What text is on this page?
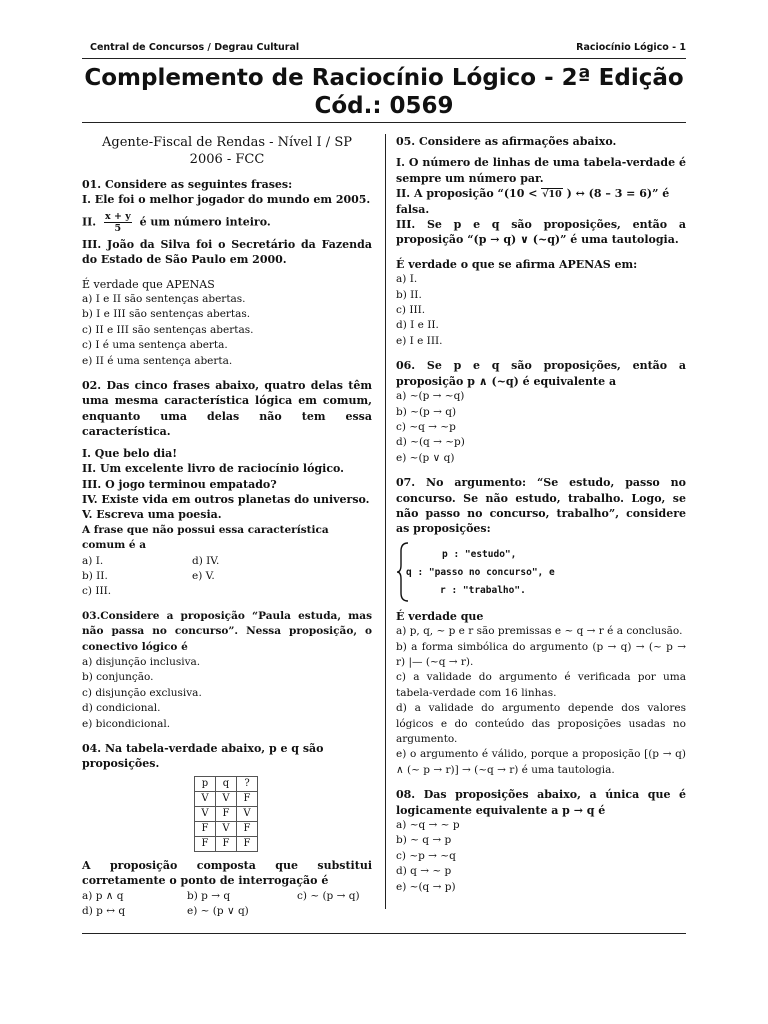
Central de Concursos / Degrau Cultural	Raciocínio Lógico - 1
Complemento de Raciocínio Lógico - 2ª Edição
Cód.: 0569
Agente-Fiscal de Rendas - Nível I / SP
2006 - FCC

01. Considere as seguintes frases:

I. Ele foi o melhor jogador do mundo em 2005.

II. $\frac{x + y}{5}$ é um número inteiro.

III. João da Silva foi o Secretário da Fazenda do Estado de São Paulo em 2000.

É verdade que APENAS

a) I e II são sentenças abertas.

b) I e III são sentenças abertas.

c) II e III são sentenças abertas.

c) I é uma sentença aberta.

e) II é uma sentença aberta.

02. Das cinco frases abaixo, quatro delas têm uma mesma característica lógica em comum, enquanto uma delas não tem essa característica.

I. Que belo dia!

II. Um excelente livro de raciocínio lógico.

III. O jogo terminou empatado?

IV. Existe vida em outros planetas do universo.

V. Escreva uma poesia.

A frase que não possui essa característica comum é a

a) I.	d) IV.
b) II.	e) V.
c) III.

03.Considere a proposição “Paula estuda, mas não passa no concurso”. Nessa proposição, o conectivo lógico é

a) disjunção inclusiva.

b) conjunção.

c) disjunção exclusiva.

d) condicional.

e) bicondicional.

04. Na tabela-verdade abaixo, p e q são proposições.

p	q	?
V	V	F
V	F	V
F	V	F
F	F	F

A proposição composta que substitui corretamente o ponto de interrogação é

a) p ∧ q	b) p → q	c) ~ (p → q)
d) p ↔ q	e) ~ (p ∨ q)

05. Considere as afirmações abaixo.

I. O número de linhas de uma tabela-verdade é sempre um número par.

II. A proposição “(10 < √10 ) ↔ (8 – 3 = 6)” é falsa.

III. Se p e q são proposições, então a proposição “(p → q) ∨ (~q)” é uma tautologia.

É verdade o que se afirma APENAS em:

a) I.

b) II.

c) III.

d) I e II.

e) I e III.

06. Se p e q são proposições, então a proposição p ∧ (~q) é equivalente a

a) ~(p → ~q)

b) ~(p → q)

c) ~q → ~p

d) ~(q → ~p)

e) ~(p ∨ q)

07. No argumento: “Se estudo, passo no concurso. Se não estudo, trabalho. Logo, se não passo no concurso, trabalho”, considere as proposições:

p : "estudo",
q : "passo no concurso", e
r : "trabalho".

É verdade que

a) p, q, ~ p e r são premissas e ~ q → r é a conclusão.

b) a forma simbólica do argumento (p → q) → (~ p → r) |— (~q → r).

c) a validade do argumento é verificada por uma tabela-verdade com 16 linhas.

d) a validade do argumento depende dos valores lógicos e do conteúdo das proposições usadas no argumento.

e) o argumento é válido, porque a proposição [(p → q) ∧ (~ p → r)] → (~q → r) é uma tautologia.

08. Das proposições abaixo, a única que é logicamente equivalente a p → q é

a) ~q → ~ p

b) ~ q → p

c) ~p → ~q

d) q → ~ p

e) ~(q → p)
